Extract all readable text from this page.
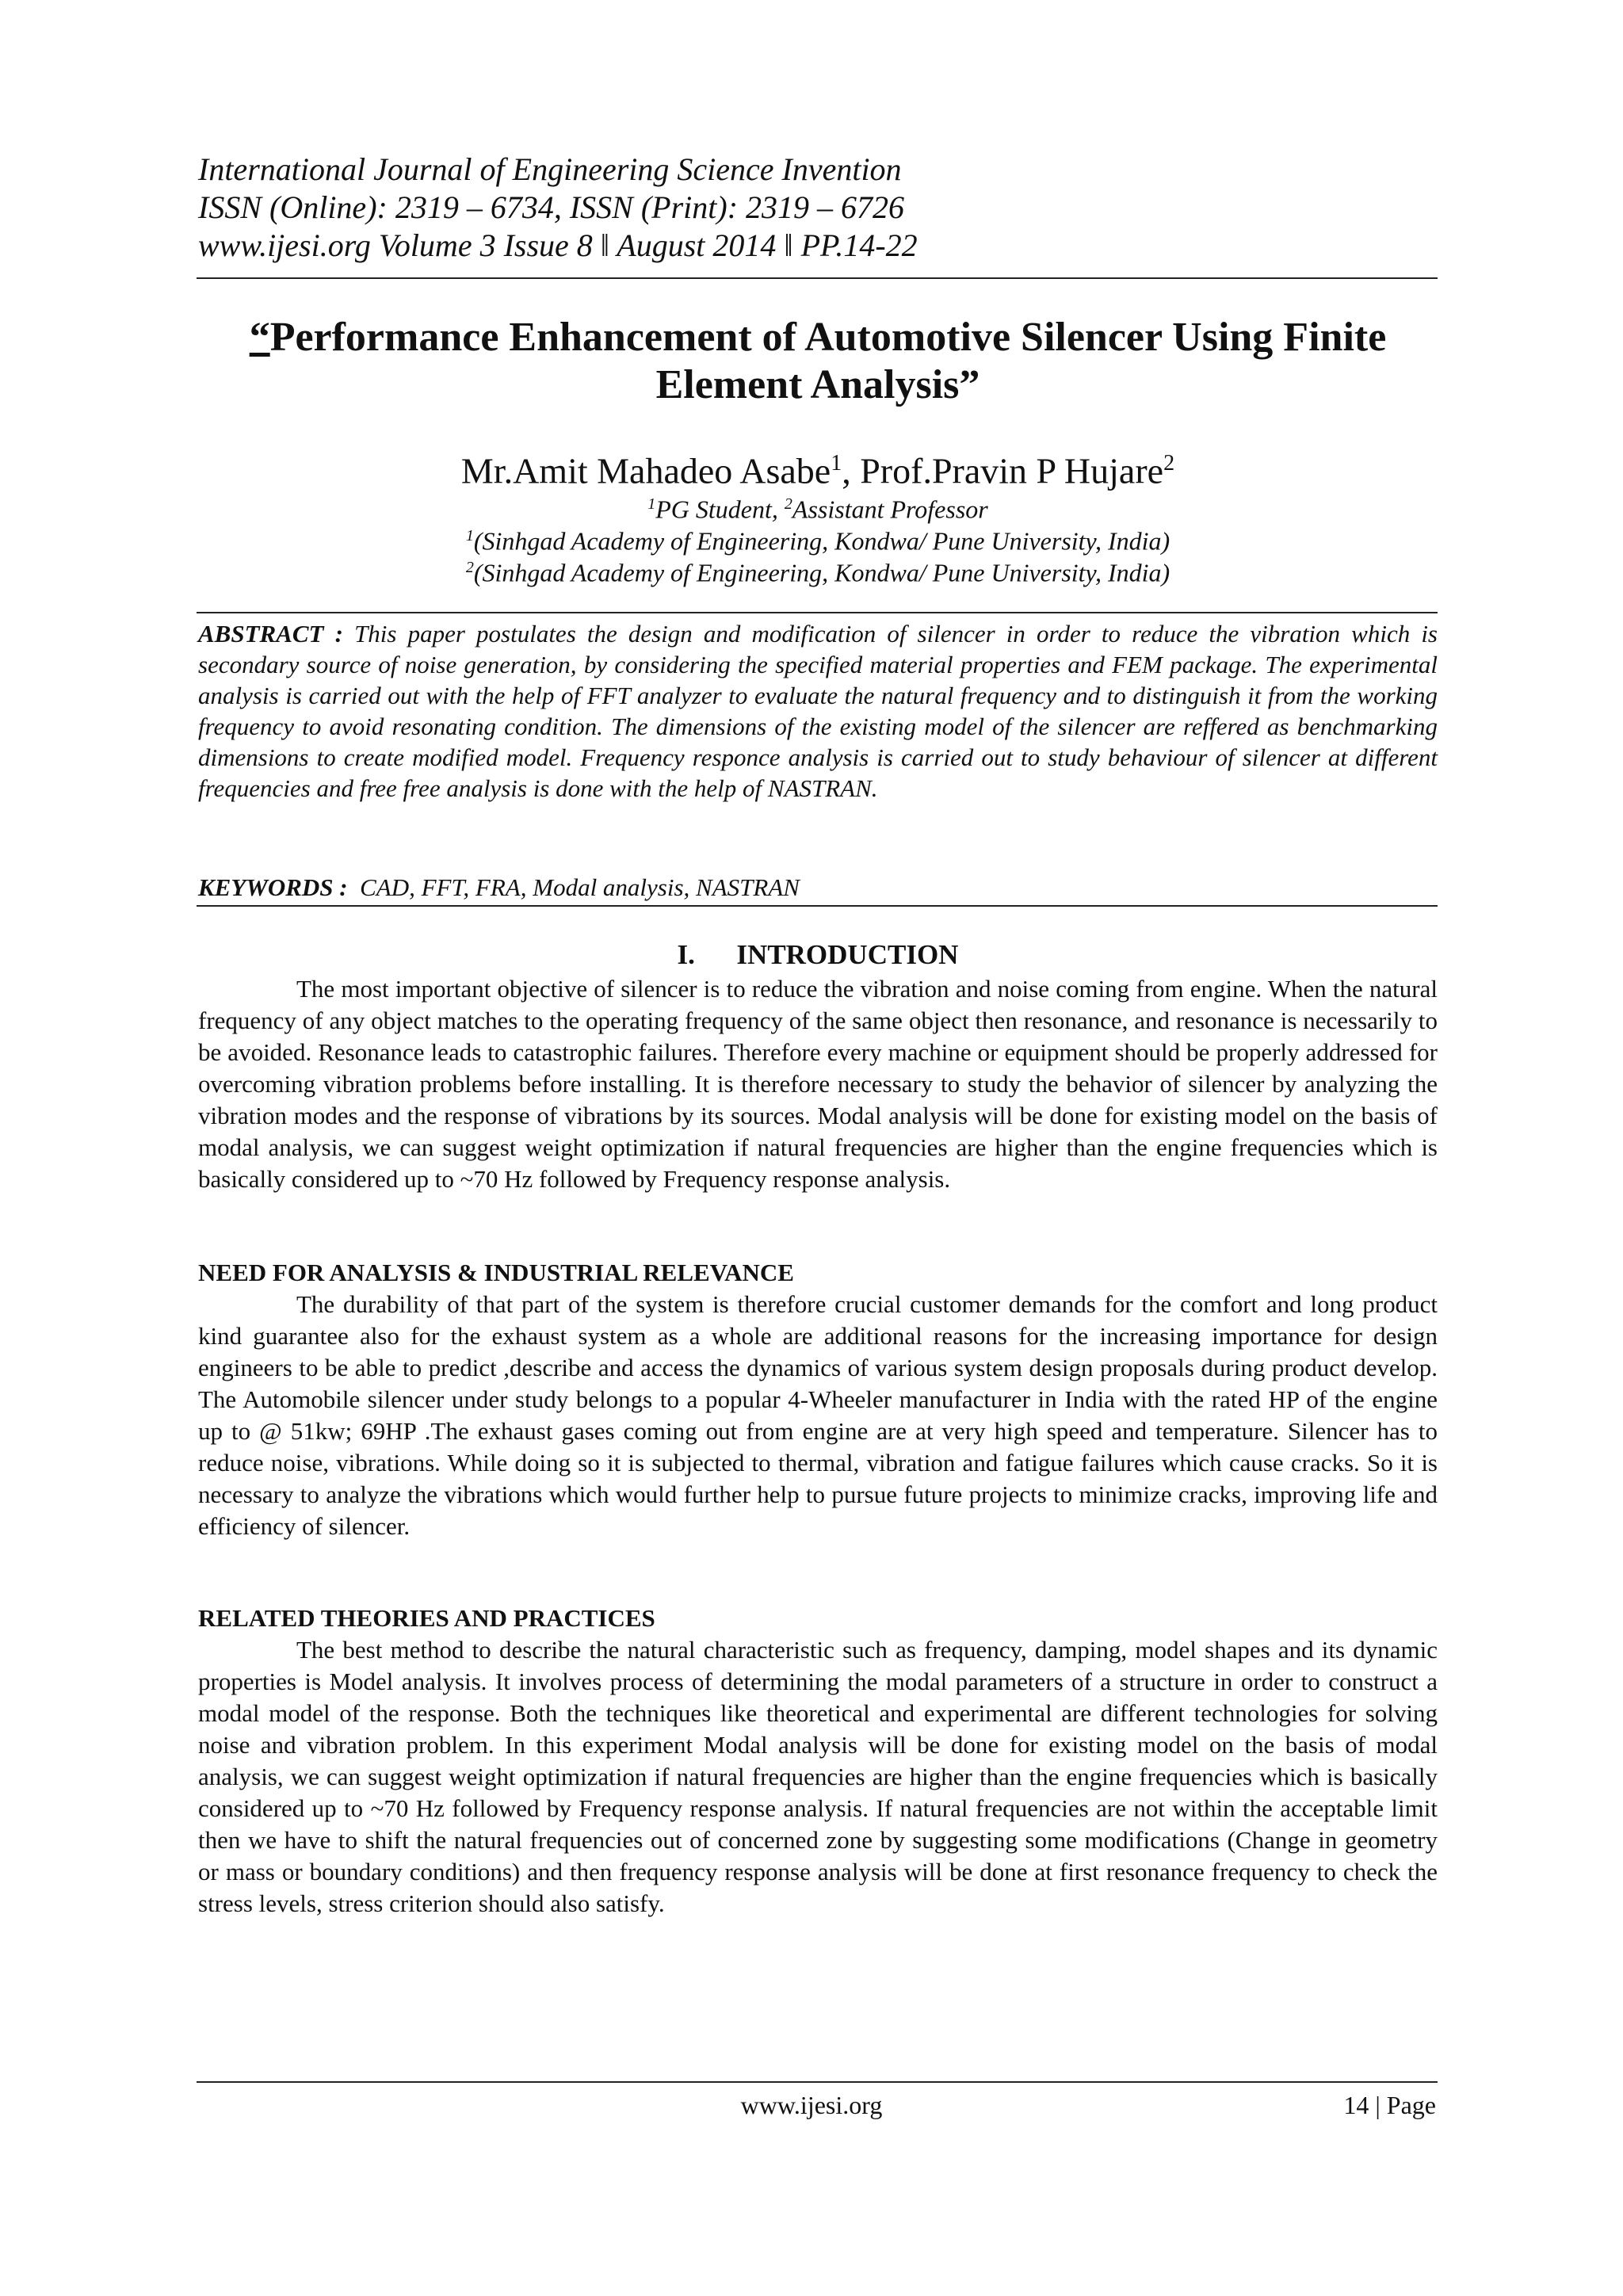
International Journal of Engineering Science Invention
ISSN (Online): 2319 – 6734, ISSN (Print): 2319 – 6726
www.ijesi.org Volume 3 Issue 8 ǁ August 2014 ǁ PP.14-22
“Performance Enhancement of Automotive Silencer Using Finite Element Analysis”
Mr.Amit Mahadeo Asabe$^1$, Prof.Pravin P Hujare$^2$
$^1$PG Student, $^2$Assistant Professor
$^1$(Sinhgad Academy of Engineering, Kondwa/ Pune University, India)
$^2$(Sinhgad Academy of Engineering, Kondwa/ Pune University, India)
ABSTRACT : This paper postulates the design and modification of silencer in order to reduce the vibration which is secondary source of noise generation, by considering the specified material properties and FEM package. The experimental analysis is carried out with the help of FFT analyzer to evaluate the natural frequency and to distinguish it from the working frequency to avoid resonating condition. The dimensions of the existing model of the silencer are reffered as benchmarking dimensions to create modified model. Frequency responce analysis is carried out to study behaviour of silencer at different frequencies and free free analysis is done with the help of NASTRAN.
KEYWORDS : CAD, FFT, FRA, Modal analysis, NASTRAN
I.      INTRODUCTION

The most important objective of silencer is to reduce the vibration and noise coming from engine. When the natural frequency of any object matches to the operating frequency of the same object then resonance, and resonance is necessarily to be avoided. Resonance leads to catastrophic failures. Therefore every machine or equipment should be properly addressed for overcoming vibration problems before installing. It is therefore necessary to study the behavior of silencer by analyzing the vibration modes and the response of vibrations by its sources. Modal analysis will be done for existing model on the basis of modal analysis, we can suggest weight optimization if natural frequencies are higher than the engine frequencies which is basically considered up to ~70 Hz followed by Frequency response analysis.

NEED FOR ANALYSIS & INDUSTRIAL RELEVANCE

The durability of that part of the system is therefore crucial customer demands for the comfort and long product kind guarantee also for the exhaust system as a whole are additional reasons for the increasing importance for design engineers to be able to predict ,describe and access the dynamics of various system design proposals during product develop. The Automobile silencer under study belongs to a popular 4-Wheeler manufacturer in India with the rated HP of the engine up to @ 51kw; 69HP .The exhaust gases coming out from engine are at very high speed and temperature. Silencer has to reduce noise, vibrations. While doing so it is subjected to thermal, vibration and fatigue failures which cause cracks. So it is necessary to analyze the vibrations which would further help to pursue future projects to minimize cracks, improving life and efficiency of silencer.

RELATED THEORIES AND PRACTICES

The best method to describe the natural characteristic such as frequency, damping, model shapes and its dynamic properties is Model analysis. It involves process of determining the modal parameters of a structure in order to construct a modal model of the response. Both the techniques like theoretical and experimental are different technologies for solving noise and vibration problem. In this experiment Modal analysis will be done for existing model on the basis of modal analysis, we can suggest weight optimization if natural frequencies are higher than the engine frequencies which is basically considered up to ~70 Hz followed by Frequency response analysis. If natural frequencies are not within the acceptable limit then we have to shift the natural frequencies out of concerned zone by suggesting some modifications (Change in geometry or mass or boundary conditions) and then frequency response analysis will be done at first resonance frequency to check the stress levels, stress criterion should also satisfy.

www.ijesi.org	14 | Page
